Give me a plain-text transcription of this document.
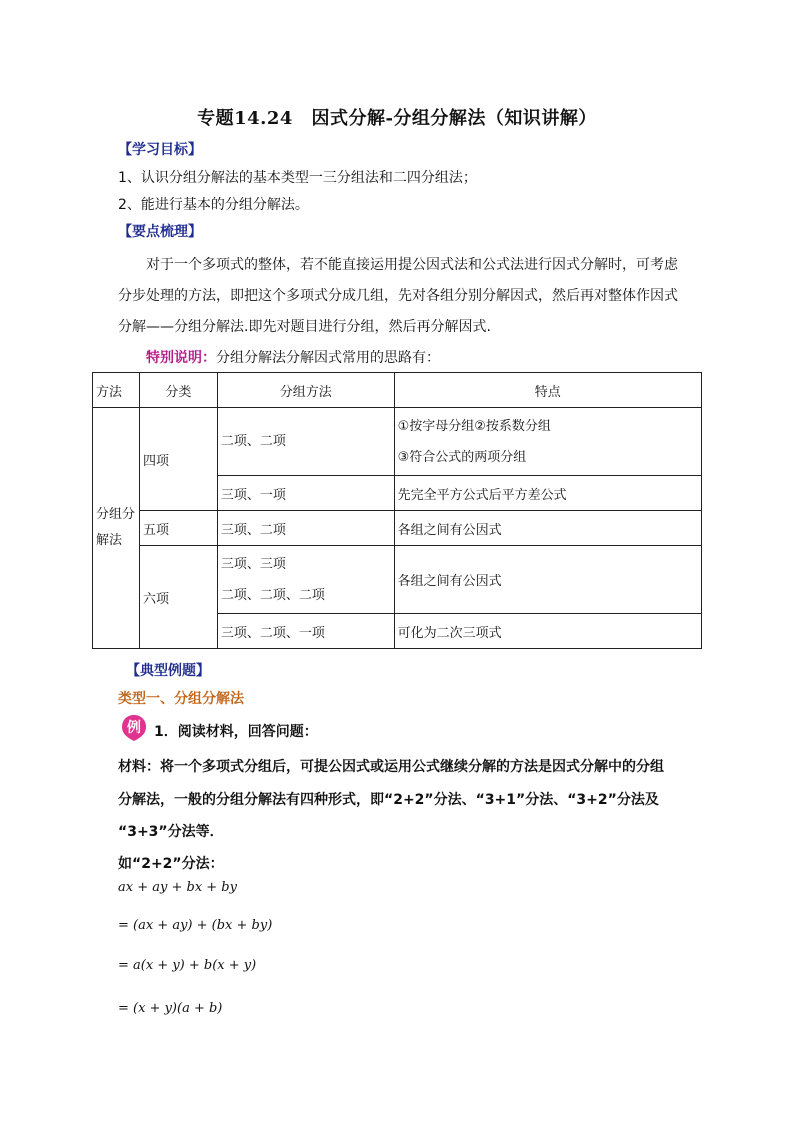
专题14.24　因式分解-分组分解法（知识讲解）
【学习目标】
1、认识分组分解法的基本类型一三分组法和二四分组法；
2、能进行基本的分组分解法。
【要点梳理】
对于一个多项式的整体，若不能直接运用提公因式法和公式法进行因式分解时，可考虑分步处理的方法，即把这个多项式分成几组，先对各组分别分解因式，然后再对整体作因式分解——分组分解法.即先对题目进行分组，然后再分解因式.
特别说明：分组分解法分解因式常用的思路有：
方法	分类	分组方法	特点

分组分解法	四项	二项、二项	①按字母分组②按系数分组
③符合公式的两项分组

		三项、一项	先完全平方公式后平方差公式
	五项	三项、二项	各组之间有公因式
	六项	三项、三项
二项、二项、二项	各组之间有公因式
		三项、二项、一项	可化为二次三项式
【典型例题】
类型一、分组分解法
例 1．阅读材料，回答问题：
材料：将一个多项式分组后，可提公因式或运用公式继续分解的方法是因式分解中的分组
分解法，一般的分组分解法有四种形式，即“2+2”分法、“3+1”分法、“3+2”分法及
“3+3”分法等．
如“2+2”分法：
ax + ay + bx + by
= (ax + ay) + (bx + by)
= a(x + y) + b(x + y)
= (x + y)(a + b)
